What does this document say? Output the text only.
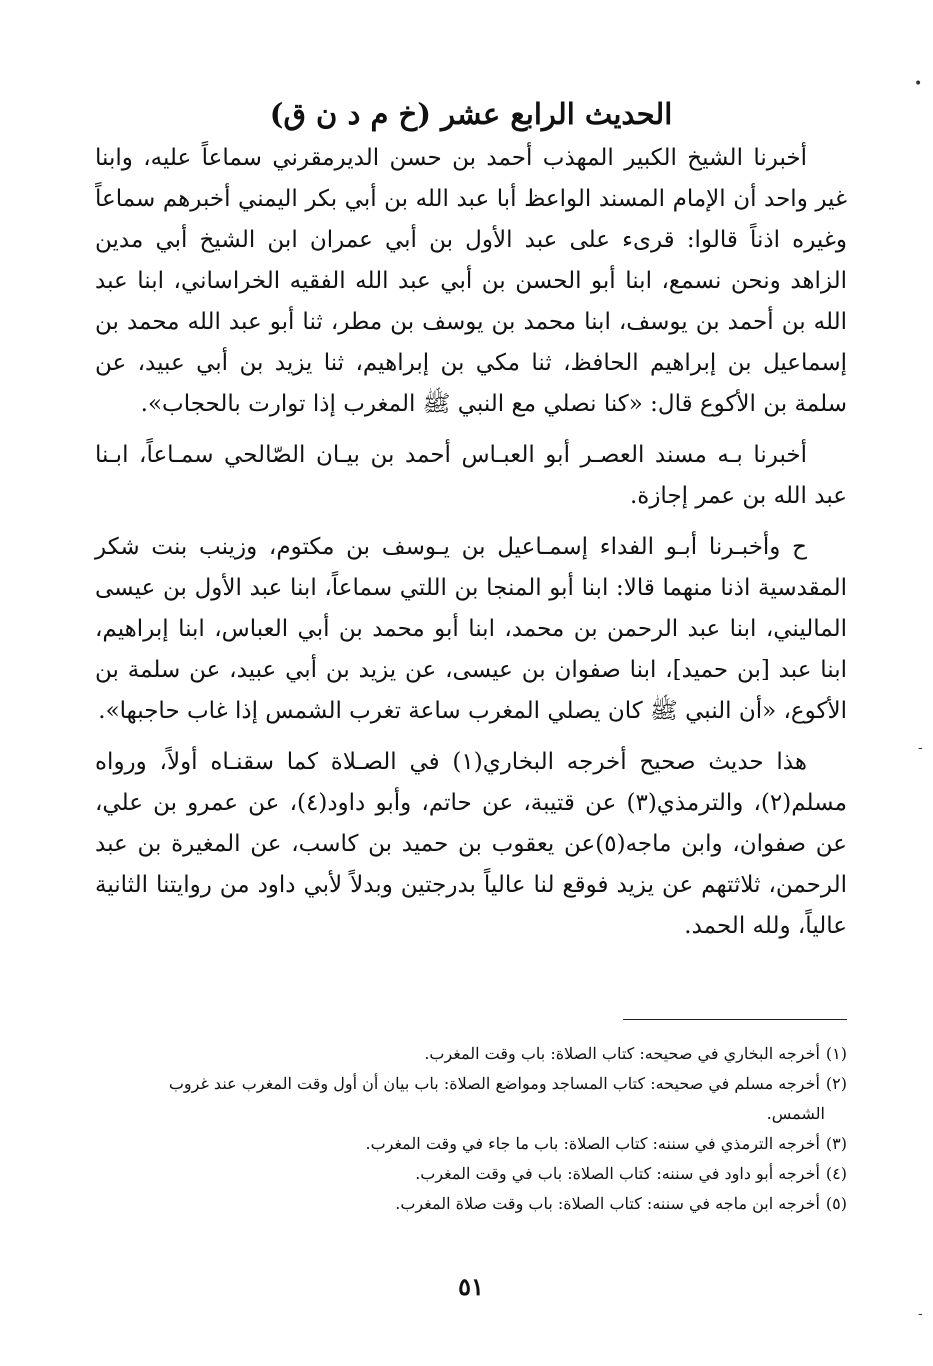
•
-
-
الحديث الرابع عشر (خ م د ن ق)

أخبرنا الشيخ الكبير المهذب أحمد بن حسن الديرمقرني سماعاً عليه، وابنا غير واحد أن الإمام المسند الواعظ أبا عبد الله بن أبي بكر اليمني أخبرهم سماعاً وغيره اذناً قالوا: قرىء على عبد الأول بن أبي عمران ابن الشيخ أبي مدين الزاهد ونحن نسمع، ابنا أبو الحسن بن أبي عبد الله الفقيه الخراساني، ابنا عبد الله بن أحمد بن يوسف، ابنا محمد بن يوسف بن مطر، ثنا أبو عبد الله محمد بن إسماعيل بن إبراهيم الحافظ، ثنا مكي بن إبراهيم، ثنا يزيد بن أبي عبيد، عن سلمة بن الأكوع قال: «كنا نصلي مع النبي ﷺ المغرب إذا توارت بالحجاب».

أخبرنا بـه مسند العصـر أبو العبـاس أحمد بن بيـان الصّالحي سمـاعاً، ابـنا عبد الله بن عمر إجازة.

ح وأخبـرنا أبـو الفداء إسمـاعيل بن يـوسف بن مكتوم، وزينب بنت شكر المقدسية اذنا منهما قالا: ابنا أبو المنجا بن اللتي سماعاً، ابنا عبد الأول بن عيسى الماليني، ابنا عبد الرحمن بن محمد، ابنا أبو محمد بن أبي العباس، ابنا إبراهيم، ابنا عبد [بن حميد]، ابنا صفوان بن عيسى، عن يزيد بن أبي عبيد، عن سلمة بن الأكوع، «أن النبي ﷺ كان يصلي المغرب ساعة تغرب الشمس إذا غاب حاجبها».

هذا حديث صحيح أخرجه البخاري(١) في الصـلاة كما سقنـاه أولاً، ورواه مسلم(٢)، والترمذي(٣) عن قتيبة، عن حاتم، وأبو داود(٤)، عن عمرو بن علي، عن صفوان، وابن ماجه(٥)عن يعقوب بن حميد بن كاسب، عن المغيرة بن عبد الرحمن، ثلاثتهم عن يزيد فوقع لنا عالياً بدرجتين وبدلاً لأبي داود من روايتنا الثانية عالياً، ولله الحمد.

(١)أخرجه البخاري في صحيحه: كتاب الصلاة: باب وقت المغرب.

(٢)أخرجه مسلم في صحيحه: كتاب المساجد ومواضع الصلاة: باب بيان أن أول وقت المغرب عند غروب

الشمس.

(٣)أخرجه الترمذي في سننه: كتاب الصلاة: باب ما جاء في وقت المغرب.

(٤)أخرجه أبو داود في سننه: كتاب الصلاة: باب في وقت المغرب.

(٥)أخرجه ابن ماجه في سننه: كتاب الصلاة: باب وقت صلاة المغرب.

٥١
